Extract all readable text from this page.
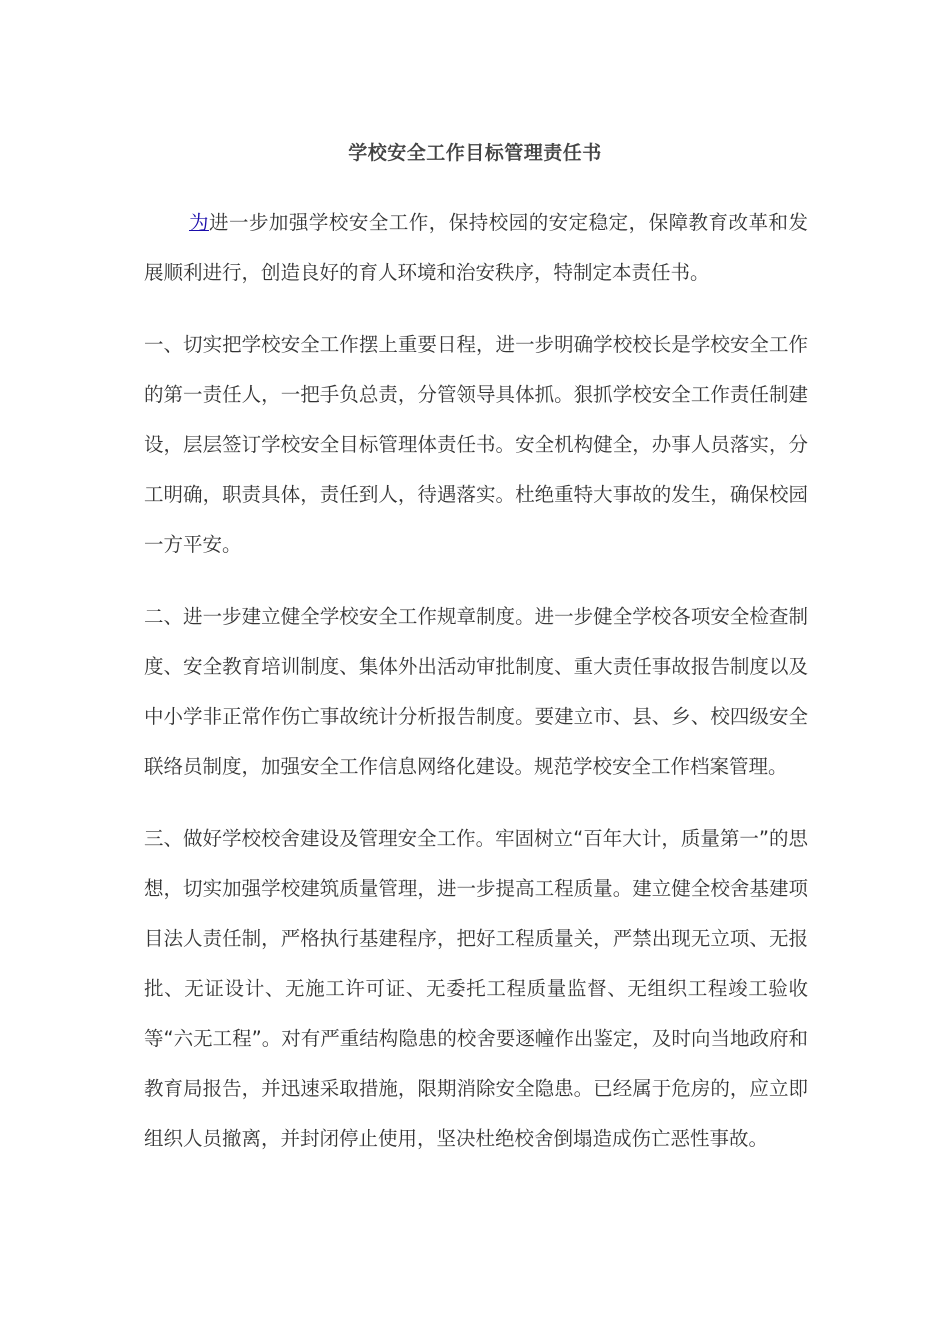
学校安全工作目标管理责任书

为进一步加强学校安全工作，保持校园的安定稳定，保障教育改革和发展顺利进行，创造良好的育人环境和治安秩序，特制定本责任书。

一、切实把学校安全工作摆上重要日程，进一步明确学校校长是学校安全工作的第一责任人，一把手负总责，分管领导具体抓。狠抓学校安全工作责任制建设，层层签订学校安全目标管理体责任书。安全机构健全，办事人员落实，分工明确，职责具体，责任到人，待遇落实。杜绝重特大事故的发生，确保校园一方平安。

二、进一步建立健全学校安全工作规章制度。进一步健全学校各项安全检查制度、安全教育培训制度、集体外出活动审批制度、重大责任事故报告制度以及中小学非正常作伤亡事故统计分析报告制度。要建立市、县、乡、校四级安全联络员制度，加强安全工作信息网络化建设。规范学校安全工作档案管理。

三、做好学校校舍建设及管理安全工作。牢固树立“百年大计，质量第一”的思想，切实加强学校建筑质量管理，进一步提高工程质量。建立健全校舍基建项目法人责任制，严格执行基建程序，把好工程质量关，严禁出现无立项、无报批、无证设计、无施工许可证、无委托工程质量监督、无组织工程竣工验收等“六无工程”。对有严重结构隐患的校舍要逐幢作出鉴定，及时向当地政府和教育局报告，并迅速采取措施，限期消除安全隐患。已经属于危房的，应立即组织人员撤离，并封闭停止使用，坚决杜绝校舍倒塌造成伤亡恶性事故。
